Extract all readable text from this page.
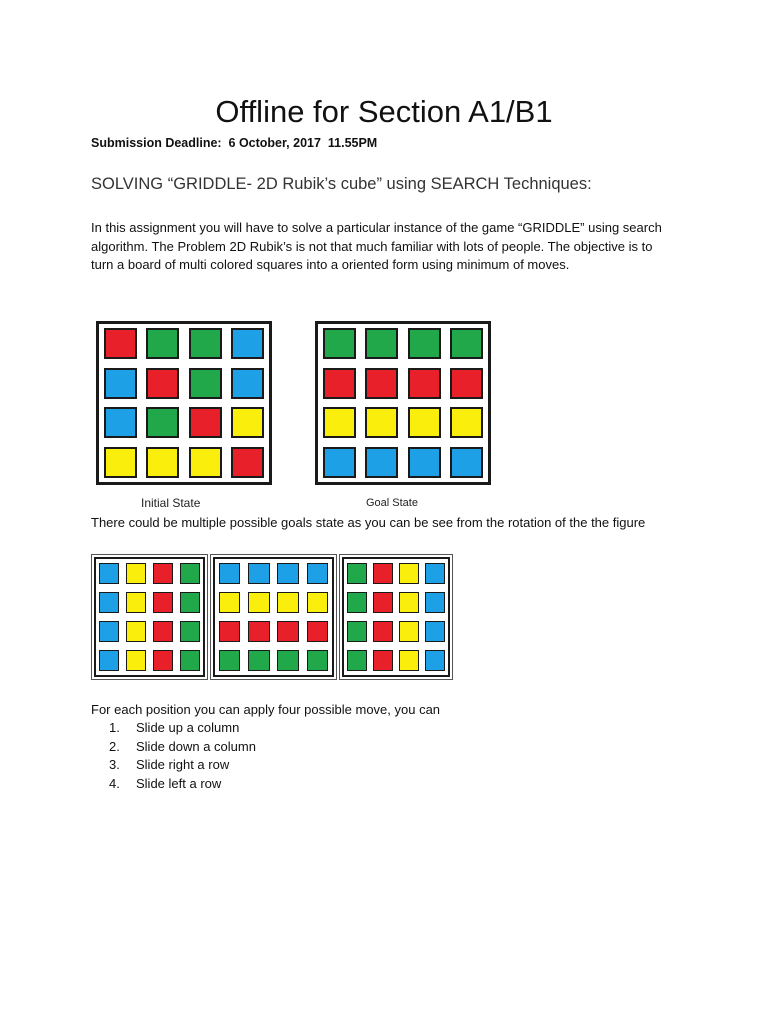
Offline for Section A1/B1
Submission Deadline:  6 October, 2017  11.55PM
SOLVING “GRIDDLE- 2D Rubik’s cube” using SEARCH Techniques:
In this assignment you will have to solve a particular instance of the game “GRIDDLE” using search algorithm. The Problem 2D Rubik’s is not that much familiar with lots of people. The objective is to turn a board of multi colored squares into a oriented form using minimum of moves.
Initial State	Goal State
There could be multiple possible goals state as you can be see from the rotation of the the figure
For each position you can apply four possible move, you can
1.	Slide up a column
2.	Slide down a column
3.	Slide right a row
4.	Slide left a row
